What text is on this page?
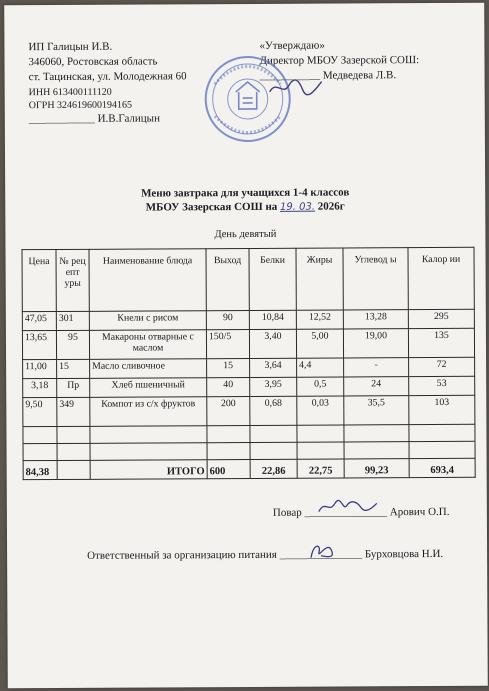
ИП Галицын И.В.
346060, Ростовская область
ст. Тацинская, ул. Молодежная 60
ИНН 613400111120
ОГРН 324619600194165
____________ И.В.Галицын
«Утверждаю»
Директор МБОУ Зазерской СОШ:
___________ Медведева Л.В.
Меню завтрака для учащихся 1-4 классов
МБОУ Зазерская СОШ на 19. 03. 2026г
День девятый
Цена	№ рец епт уры	Наименование блюда	Выход	Белки	Жиры	Углевод ы	Калор ии
47,05	301	Кнели с рисом	90	10,84	12,52	13,28	295
13,65	95	Макароны отварные с маслом	150/5	3,40	5,00	19,00	135
11,00	15	Масло сливочное	15	3,64	4,4	-	72
3,18	Пр	Хлеб пшеничный	40	3,95	0,5	24	53
9,50	349	Компот из с/х фруктов	200	0,68	0,03	35,5	103

84,38		ИТОГО	600	22,86	22,75	99,23	693,4
Повар _______________ Арович О.П.
Ответственный за организацию питания _______________ Бурховцова Н.И.
